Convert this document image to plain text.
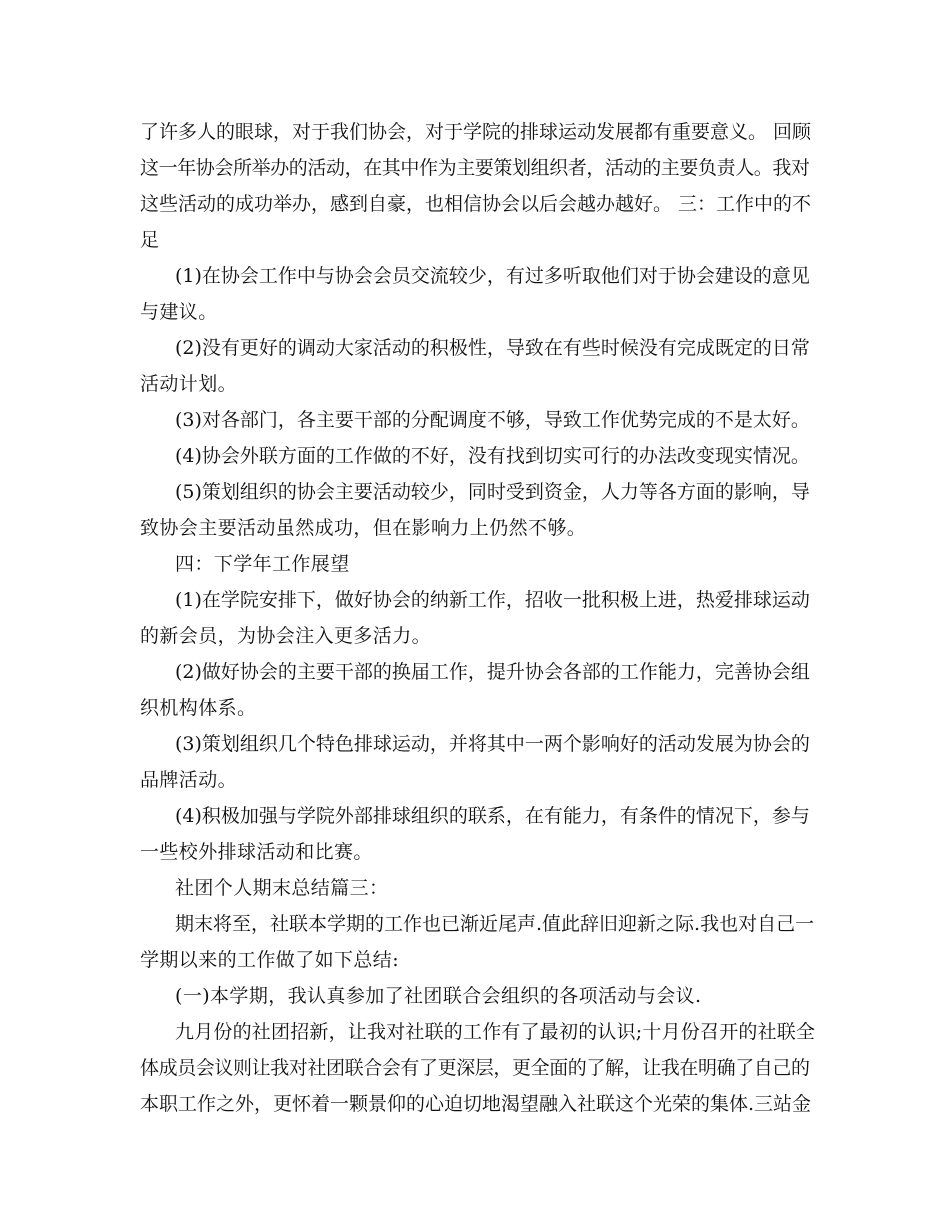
了许多人的眼球，对于我们协会，对于学院的排球运动发展都有重要意义。 回顾
这一年协会所举办的活动，在其中作为主要策划组织者，活动的主要负责人。我对
这些活动的成功举办，感到自豪，也相信协会以后会越办越好。 三：工作中的不
足
(1)在协会工作中与协会会员交流较少，有过多听取他们对于协会建设的意见
与建议。
(2)没有更好的调动大家活动的积极性，导致在有些时候没有完成既定的日常
活动计划。
(3)对各部门，各主要干部的分配调度不够，导致工作优势完成的不是太好。
(4)协会外联方面的工作做的不好，没有找到切实可行的办法改变现实情况。
(5)策划组织的协会主要活动较少，同时受到资金，人力等各方面的影响，导
致协会主要活动虽然成功，但在影响力上仍然不够。
四：下学年工作展望
(1)在学院安排下，做好协会的纳新工作，招收一批积极上进，热爱排球运动
的新会员，为协会注入更多活力。
(2)做好协会的主要干部的换届工作，提升协会各部的工作能力，完善协会组
织机构体系。
(3)策划组织几个特色排球运动，并将其中一两个影响好的活动发展为协会的
品牌活动。
(4)积极加强与学院外部排球组织的联系，在有能力，有条件的情况下，参与
一些校外排球活动和比赛。
社团个人期末总结篇三：
期末将至，社联本学期的工作也已渐近尾声.值此辞旧迎新之际.我也对自己一
学期以来的工作做了如下总结:
(一)本学期，我认真参加了社团联合会组织的各项活动与会议.
九月份的社团招新，让我对社联的工作有了最初的认识;十月份召开的社联全
体成员会议则让我对社团联合会有了更深层，更全面的了解，让我在明确了自己的
本职工作之外，更怀着一颗景仰的心迫切地渴望融入社联这个光荣的集体.三站金
